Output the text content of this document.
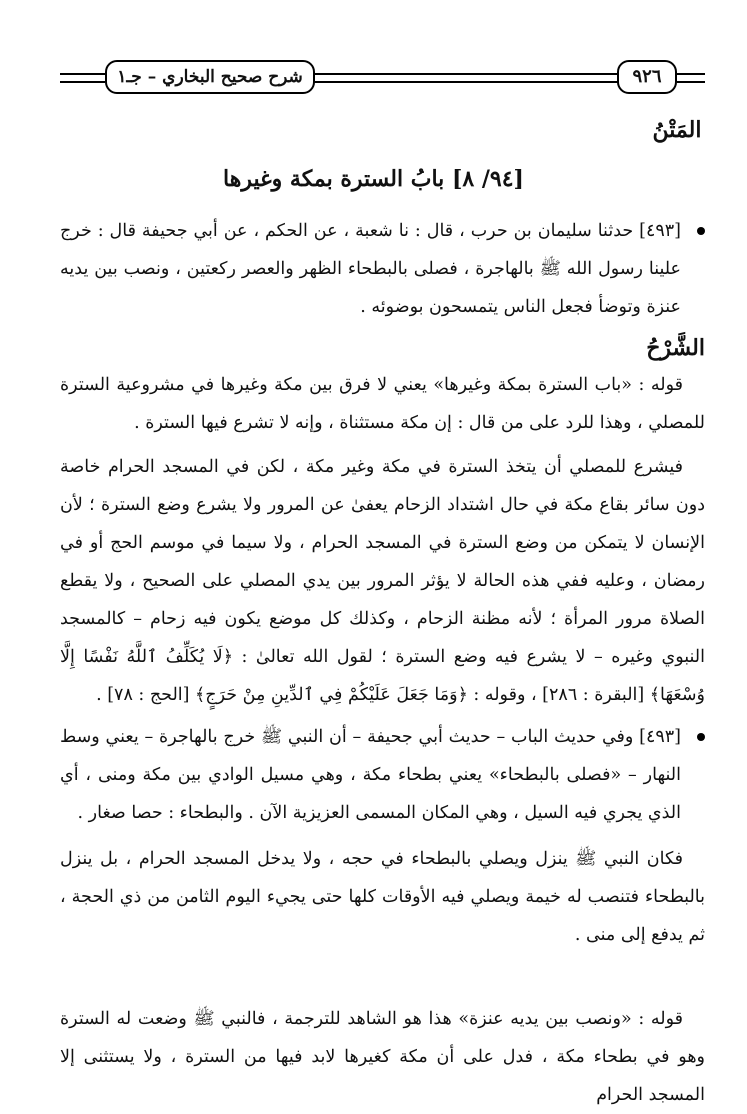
شرح صحيح البخاري – جـ١	٩٢٦
المَتْنُ
[٩٤/ ٨] بابُ السترة بمكة وغيرها
[٤٩٣] حدثنا سليمان بن حرب ، قال : نا شعبة ، عن الحكم ، عن أبي جحيفة قال : خرج علينا رسول الله ﷺ بالهاجرة ، فصلى بالبطحاء الظهر والعصر ركعتين ، ونصب بين يديه عنزة وتوضأ فجعل الناس يتمسحون بوضوئه .
الشَّرْحُ
قوله : «باب السترة بمكة وغيرها» يعني لا فرق بين مكة وغيرها في مشروعية السترة للمصلي ، وهذا للرد على من قال : إن مكة مستثناة ، وإنه لا تشرع فيها السترة .
فيشرع للمصلي أن يتخذ السترة في مكة وغير مكة ، لكن في المسجد الحرام خاصة دون سائر بقاع مكة في حال اشتداد الزحام يعفىٰ عن المرور ولا يشرع وضع السترة ؛ لأن الإنسان لا يتمكن من وضع السترة في المسجد الحرام ، ولا سيما في موسم الحج أو في رمضان ، وعليه ففي هذه الحالة لا يؤثر المرور بين يدي المصلي على الصحيح ، ولا يقطع الصلاة مرور المرأة ؛ لأنه مظنة الزحام ، وكذلك كل موضع يكون فيه زحام – كالمسجد النبوي وغيره – لا يشرع فيه وضع السترة ؛ لقول الله تعالىٰ : ﴿لَا يُكَلِّفُ ٱللَّهُ نَفْسًا إِلَّا وُسْعَهَا﴾ [البقرة : ٢٨٦] ، وقوله : ﴿وَمَا جَعَلَ عَلَيْكُمْ فِي ٱلدِّينِ مِنْ حَرَجٍ﴾ [الحج : ٧٨] .
[٤٩٣] وفي حديث الباب – حديث أبي جحيفة – أن النبي ﷺ خرج بالهاجرة – يعني وسط النهار – «فصلى بالبطحاء» يعني بطحاء مكة ، وهي مسيل الوادي بين مكة ومنى ، أي الذي يجري فيه السيل ، وهي المكان المسمى العزيزية الآن . والبطحاء : حصا صغار .
فكان النبي ﷺ ينزل ويصلي بالبطحاء في حجه ، ولا يدخل المسجد الحرام ، بل ينزل بالبطحاء فتنصب له خيمة ويصلي فيه الأوقات كلها حتى يجيء اليوم الثامن من ذي الحجة ، ثم يدفع إلى منى .
قوله : «ونصب بين يديه عنزة» هذا هو الشاهد للترجمة ، فالنبي ﷺ وضعت له السترة وهو في بطحاء مكة ، فدل على أن مكة كغيرها لابد فيها من السترة ، ولا يستثنى إلا المسجد الحرام
